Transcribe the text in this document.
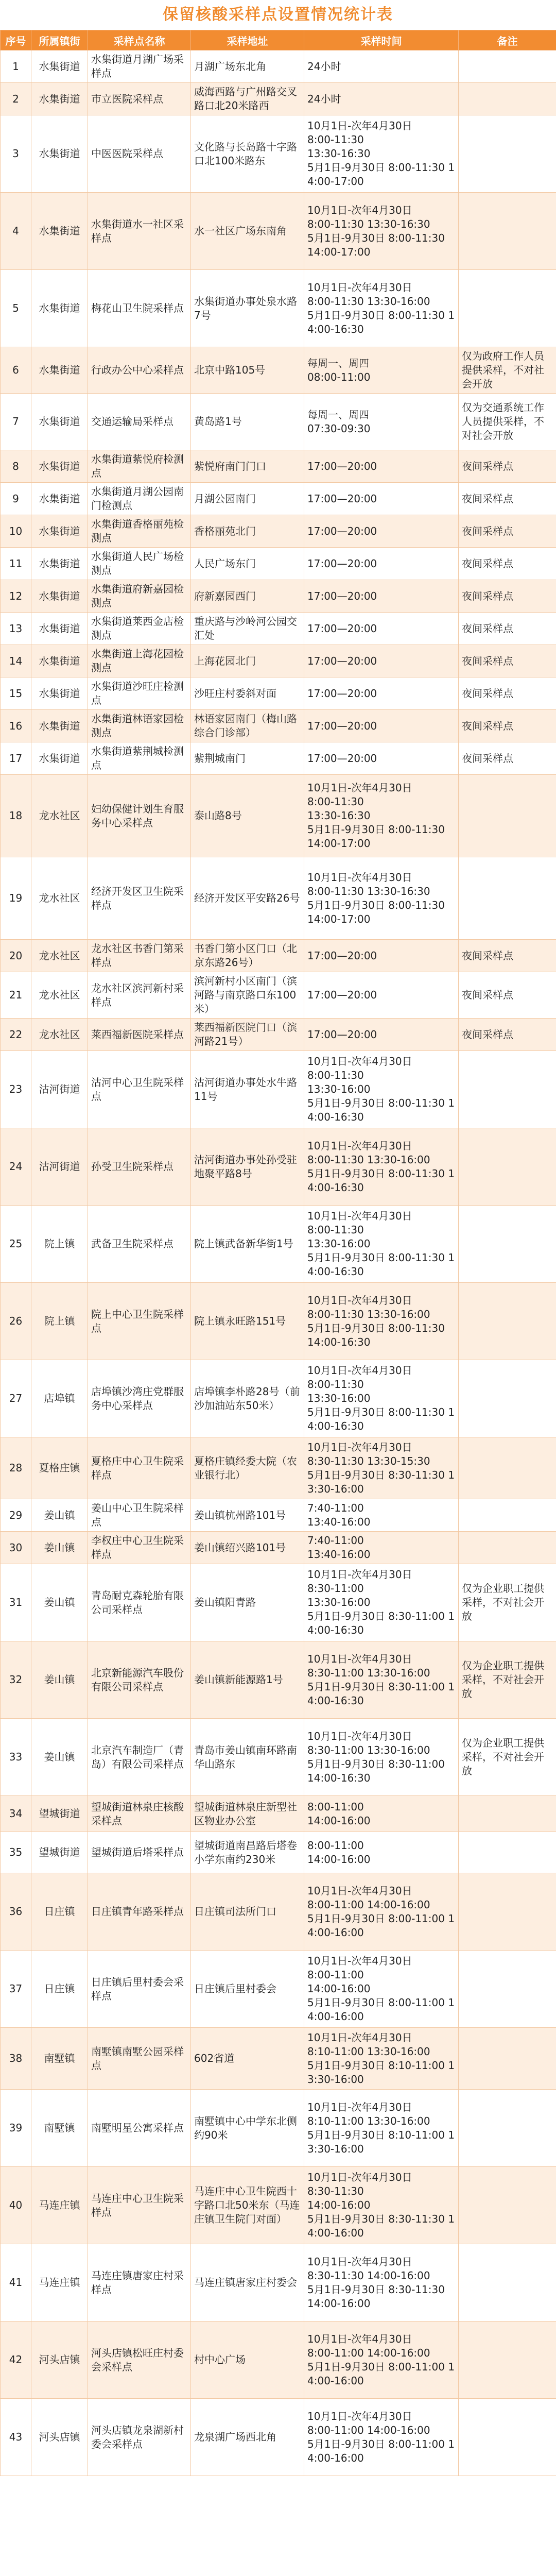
保留核酸采样点设置情况统计表
序号	所属镇街	采样点名称	采样地址	采样时间	备注
1	水集街道	水集街道月湖广场采样点	月湖广场东北角	24小时	
2	水集街道	市立医院采样点	威海西路与广州路交叉路口北20米路西	24小时	
3	水集街道	中医医院采样点	文化路与长岛路十字路口北100米路东	10月1日-次年4月30日
8:00-11:30
13:30-16:30
5月1日-9月30日 8:00-11:30 14:00-17:00	
4	水集街道	水集街道水一社区采样点	水一社区广场东南角	10月1日-次年4月30日
8:00-11:30 13:30-16:30
5月1日-9月30日 8:00-11:30
14:00-17:00	
5	水集街道	梅花山卫生院采样点	水集街道办事处泉水路7号	10月1日-次年4月30日
8:00-11:30 13:30-16:00
5月1日-9月30日 8:00-11:30 14:00-16:30	
6	水集街道	行政办公中心采样点	北京中路105号	每周一、周四
08:00-11:00	仅为政府工作人员提供采样，不对社会开放
7	水集街道	交通运输局采样点	黄岛路1号	每周一、周四
07:30-09:30	仅为交通系统工作人员提供采样，不对社会开放
8	水集街道	水集街道紫悦府检测点	紫悦府南门门口	17:00—20:00	夜间采样点
9	水集街道	水集街道月湖公园南门检测点	月湖公园南门	17:00—20:00	夜间采样点
10	水集街道	水集街道香格丽苑检测点	香格丽苑北门	17:00—20:00	夜间采样点
11	水集街道	水集街道人民广场检测点	人民广场东门	17:00—20:00	夜间采样点
12	水集街道	水集街道府新嘉园检测点	府新嘉园西门	17:00—20:00	夜间采样点
13	水集街道	水集街道莱西金店检测点	重庆路与沙岭河公园交汇处	17:00—20:00	夜间采样点
14	水集街道	水集街道上海花园检测点	上海花园北门	17:00—20:00	夜间采样点
15	水集街道	水集街道沙旺庄检测点	沙旺庄村委斜对面	17:00—20:00	夜间采样点
16	水集街道	水集街道林语家园检测点	林语家园南门（梅山路综合门诊部）	17:00—20:00	夜间采样点
17	水集街道	水集街道紫荆城检测点	紫荆城南门	17:00—20:00	夜间采样点
18	龙水社区	妇幼保健计划生育服务中心采样点	泰山路8号	10月1日-次年4月30日
8:00-11:30
13:30-16:30
5月1日-9月30日 8:00-11:30
14:00-17:00	
19	龙水社区	经济开发区卫生院采样点	经济开发区平安路26号	10月1日-次年4月30日
8:00-11:30 13:30-16:30
5月1日-9月30日 8:00-11:30
14:00-17:00	
20	龙水社区	龙水社区书香门第采样点	书香门第小区门口（北京东路26号）	17:00—20:00	夜间采样点
21	龙水社区	龙水社区滨河新村采样点	滨河新村小区南门（滨河路与南京路口东100米）	17:00—20:00	夜间采样点
22	龙水社区	莱西福新医院采样点	莱西福新医院门口（滨河路21号）	17:00—20:00	夜间采样点
23	沽河街道	沽河中心卫生院采样点	沽河街道办事处水牛路11号	10月1日-次年4月30日
8:00-11:30
13:30-16:00
5月1日-9月30日 8:00-11:30 14:00-16:30	
24	沽河街道	孙受卫生院采样点	沽河街道办事处孙受驻地聚平路8号	10月1日-次年4月30日
8:00-11:30 13:30-16:00
5月1日-9月30日 8:00-11:30 14:00-16:30	
25	院上镇	武备卫生院采样点	院上镇武备新华街1号	10月1日-次年4月30日
8:00-11:30
13:30-16:00
5月1日-9月30日 8:00-11:30 14:00-16:30	
26	院上镇	院上中心卫生院采样点	院上镇永旺路151号	10月1日-次年4月30日
8:00-11:30 13:30-16:00
5月1日-9月30日 8:00-11:30
14:00-16:30	
27	店埠镇	店埠镇沙湾庄党群服务中心采样点	店埠镇李朴路28号（前沙加油站东50米）	10月1日-次年4月30日
8:00-11:30
13:30-16:00
5月1日-9月30日 8:00-11:30 14:00-16:30	
28	夏格庄镇	夏格庄中心卫生院采样点	夏格庄镇经委大院（农业银行北）	10月1日-次年4月30日
8:30-11:30 13:30-15:30
5月1日-9月30日 8:30-11:30 13:30-16:00	
29	姜山镇	姜山中心卫生院采样点	姜山镇杭州路101号	7:40-11:00
13:40-16:00	
30	姜山镇	李权庄中心卫生院采样点	姜山镇绍兴路101号	7:40-11:00
13:40-16:00	
31	姜山镇	青岛耐克森轮胎有限公司采样点	姜山镇阳青路	10月1日-次年4月30日
8:30-11:00
13:30-16:00
5月1日-9月30日 8:30-11:00 14:00-16:30	仅为企业职工提供采样，不对社会开放
32	姜山镇	北京新能源汽车股份有限公司采样点	姜山镇新能源路1号	10月1日-次年4月30日
8:30-11:00 13:30-16:00
5月1日-9月30日 8:30-11:00 14:00-16:30	仅为企业职工提供采样，不对社会开放
33	姜山镇	北京汽车制造厂（青岛）有限公司采样点	青岛市姜山镇南环路南华山路东	10月1日-次年4月30日
8:30-11:00 13:30-16:00
5月1日-9月30日 8:30-11:00
14:00-16:30	仅为企业职工提供采样，不对社会开放
34	望城街道	望城街道林泉庄核酸采样点	望城街道林泉庄新型社区物业办公室	8:00-11:00
14:00-16:00	
35	望城街道	望城街道后塔采样点	望城街道南昌路后塔卷小学东南约230米	8:00-11:00
14:00-16:00	
36	日庄镇	日庄镇青年路采样点	日庄镇司法所门口	10月1日-次年4月30日
8:00-11:00 14:00-16:00
5月1日-9月30日 8:00-11:00 14:00-16:00	
37	日庄镇	日庄镇后里村委会采样点	日庄镇后里村委会	10月1日-次年4月30日
8:00-11:00
14:00-16:00
5月1日-9月30日 8:00-11:00 14:00-16:00	
38	南墅镇	南墅镇南墅公园采样点	602省道	10月1日-次年4月30日
8:10-11:00 13:30-16:00
5月1日-9月30日 8:10-11:00 13:30-16:00	
39	南墅镇	南墅明星公寓采样点	南墅镇中心中学东北侧约90米	10月1日-次年4月30日
8:10-11:00 13:30-16:00
5月1日-9月30日 8:10-11:00 13:30-16:00	
40	马连庄镇	马连庄中心卫生院采样点	马连庄中心卫生院西十字路口北50米东（马连庄镇卫生院门对面）	10月1日-次年4月30日
8:30-11:30
14:00-16:00
5月1日-9月30日 8:30-11:30 14:00-16:00	
41	马连庄镇	马连庄镇唐家庄村采样点	马连庄镇唐家庄村委会	10月1日-次年4月30日
8:30-11:30 14:00-16:00
5月1日-9月30日 8:30-11:30
14:00-16:00	
42	河头店镇	河头店镇松旺庄村委会采样点	村中心广场	10月1日-次年4月30日
8:00-11:00 14:00-16:00
5月1日-9月30日 8:00-11:00 14:00-16:00	
43	河头店镇	河头店镇龙泉湖新村委会采样点	龙泉湖广场西北角	10月1日-次年4月30日
8:00-11:00 14:00-16:00
5月1日-9月30日 8:00-11:00 14:00-16:00	
